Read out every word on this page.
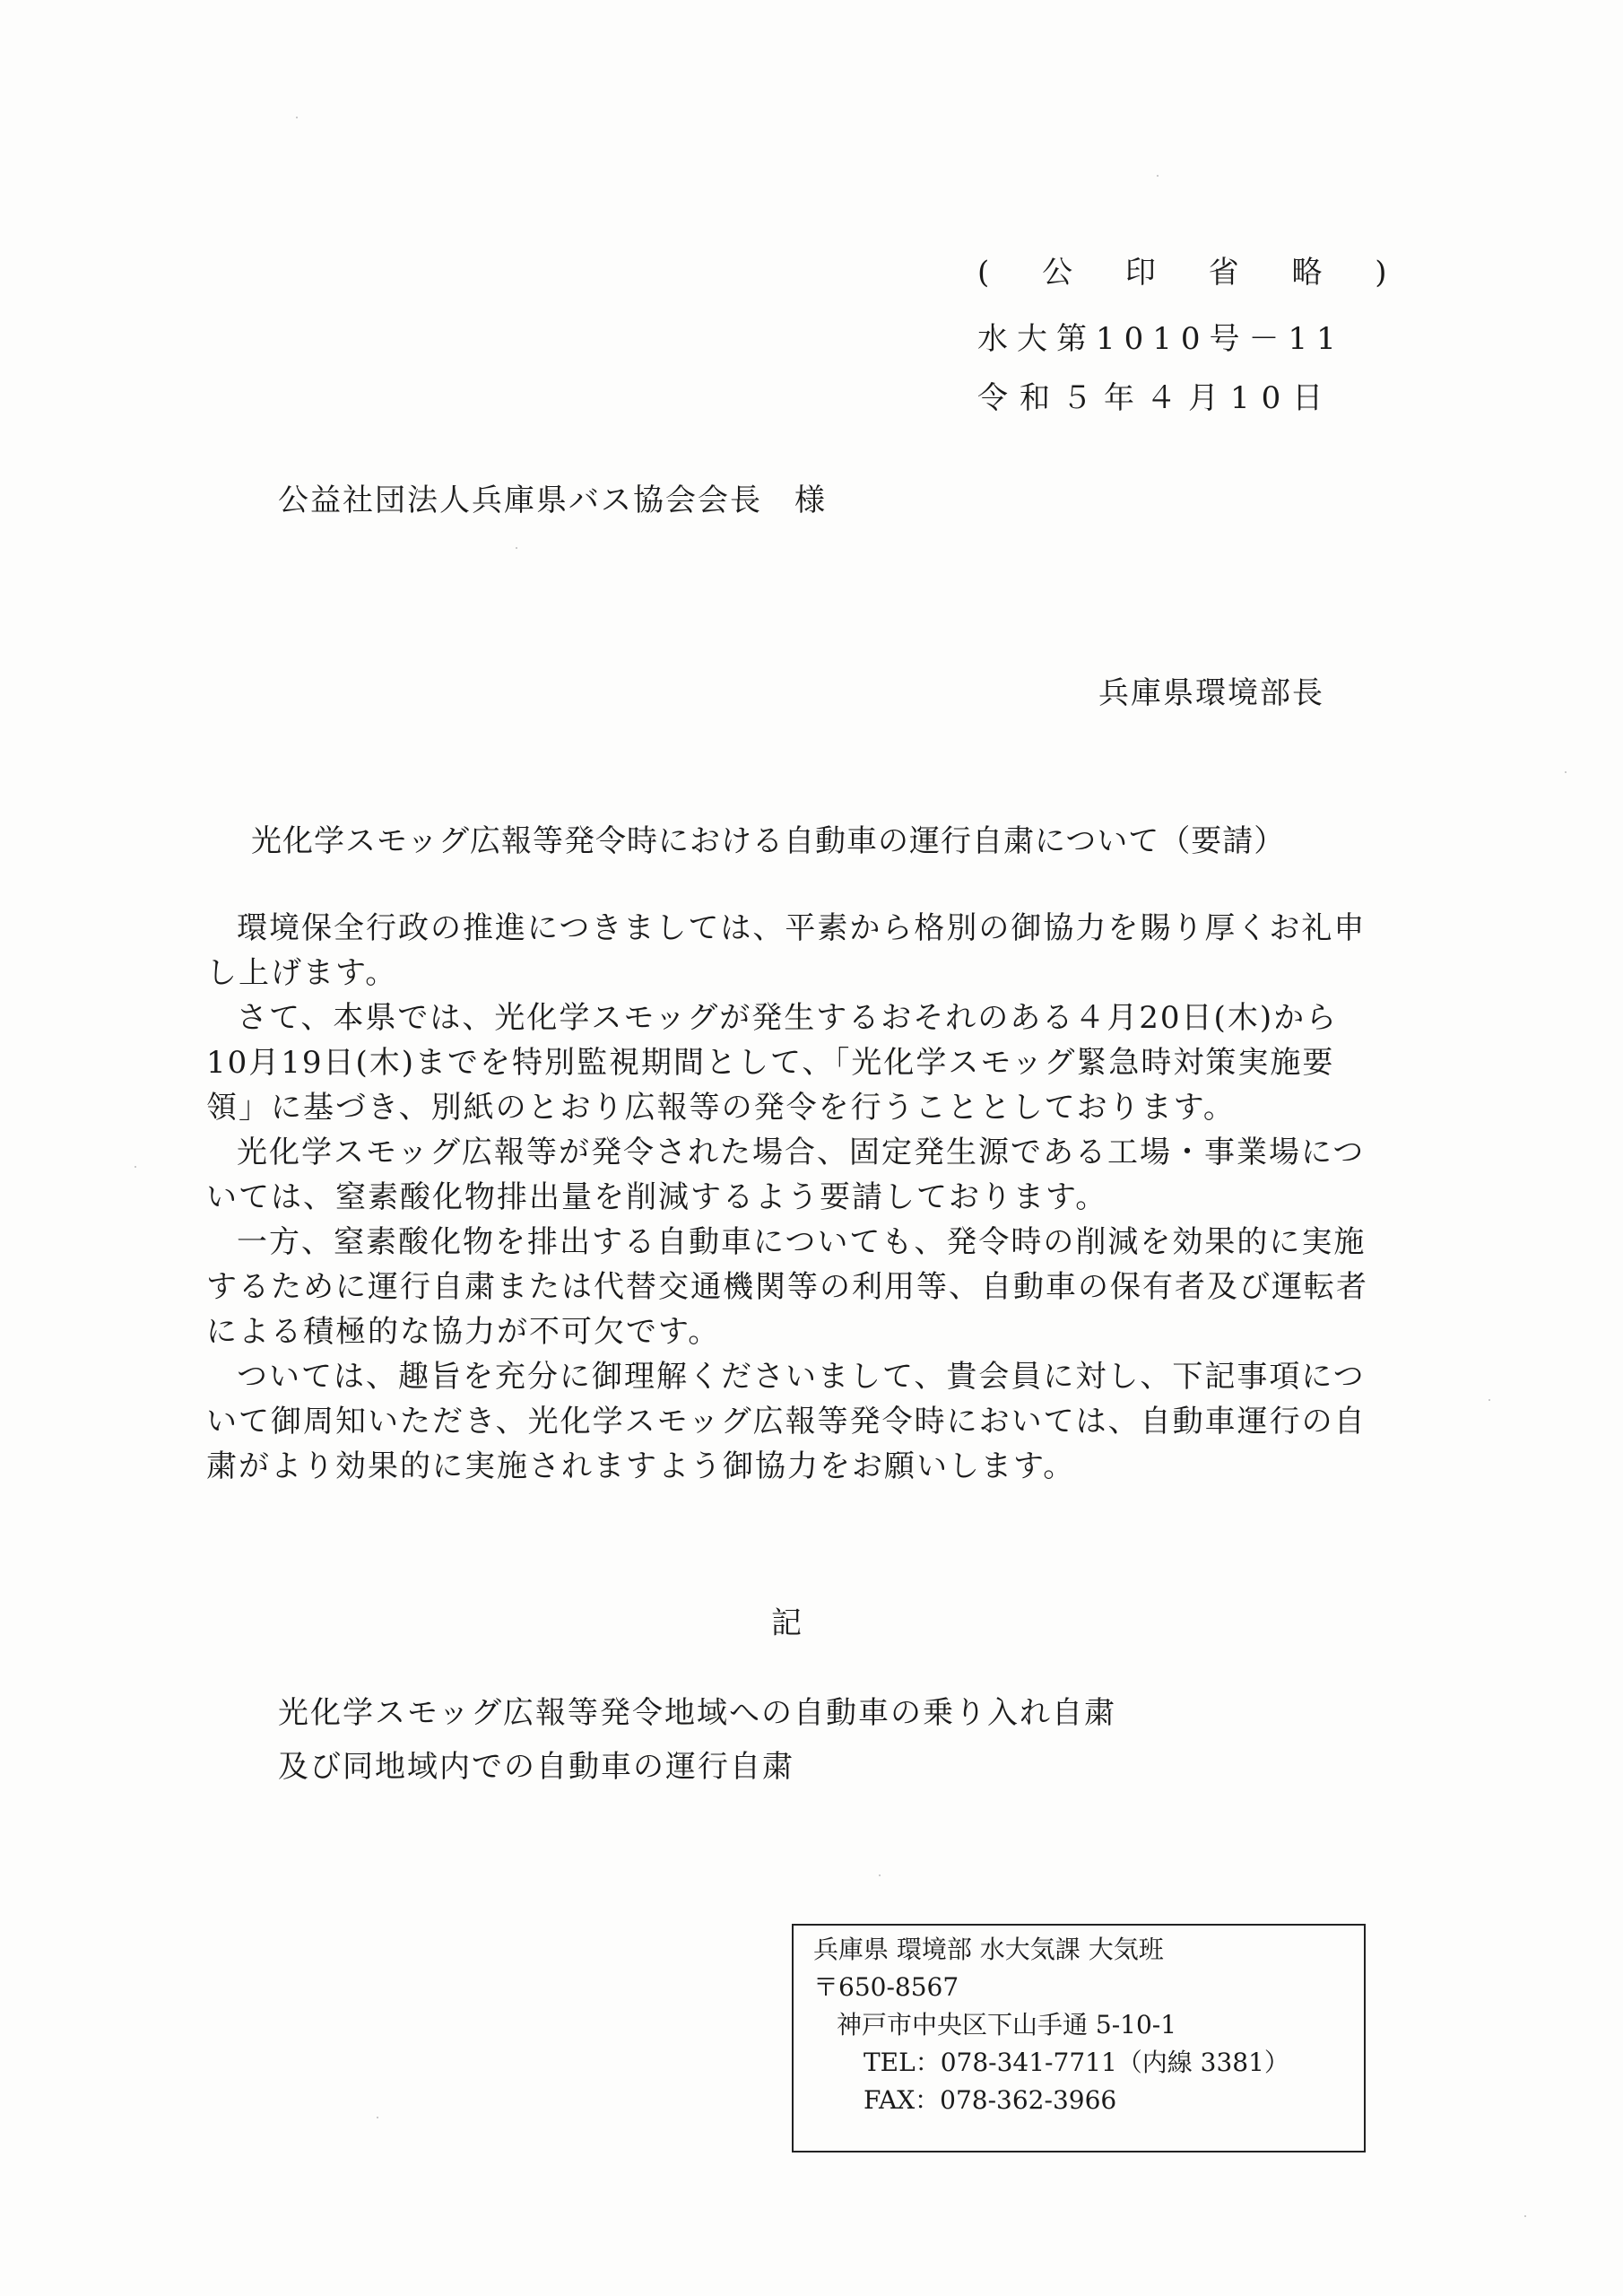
( 公 印 省 略 )
水大第1010号－11
令和５年４月10日
公益社団法人兵庫県バス協会会長　様
兵庫県環境部長
光化学スモッグ広報等発令時における自動車の運行自粛について（要請）

環境保全行政の推進につきましては、平素から格別の御協力を賜り厚くお礼申し上げます。

さて、本県では、光化学スモッグが発生するおそれのある４月20日(木)から10月19日(木)までを特別監視期間として、「光化学スモッグ緊急時対策実施要領」に基づき、別紙のとおり広報等の発令を行うこととしております。

光化学スモッグ広報等が発令された場合、固定発生源である工場・事業場については、窒素酸化物排出量を削減するよう要請しております。

一方、窒素酸化物を排出する自動車についても、発令時の削減を効果的に実施するために運行自粛または代替交通機関等の利用等、自動車の保有者及び運転者による積極的な協力が不可欠です。

ついては、趣旨を充分に御理解くださいまして、貴会員に対し、下記事項について御周知いただき、光化学スモッグ広報等発令時においては、自動車運行の自粛がより効果的に実施されますよう御協力をお願いします。

記
光化学スモッグ広報等発令地域への自動車の乗り入れ自粛
及び同地域内での自動車の運行自粛
兵庫県 環境部 水大気課 大気班
〒650-8567
神戸市中央区下山手通 5-10-1
TEL：078-341-7711（内線 3381）
FAX：078-362-3966
